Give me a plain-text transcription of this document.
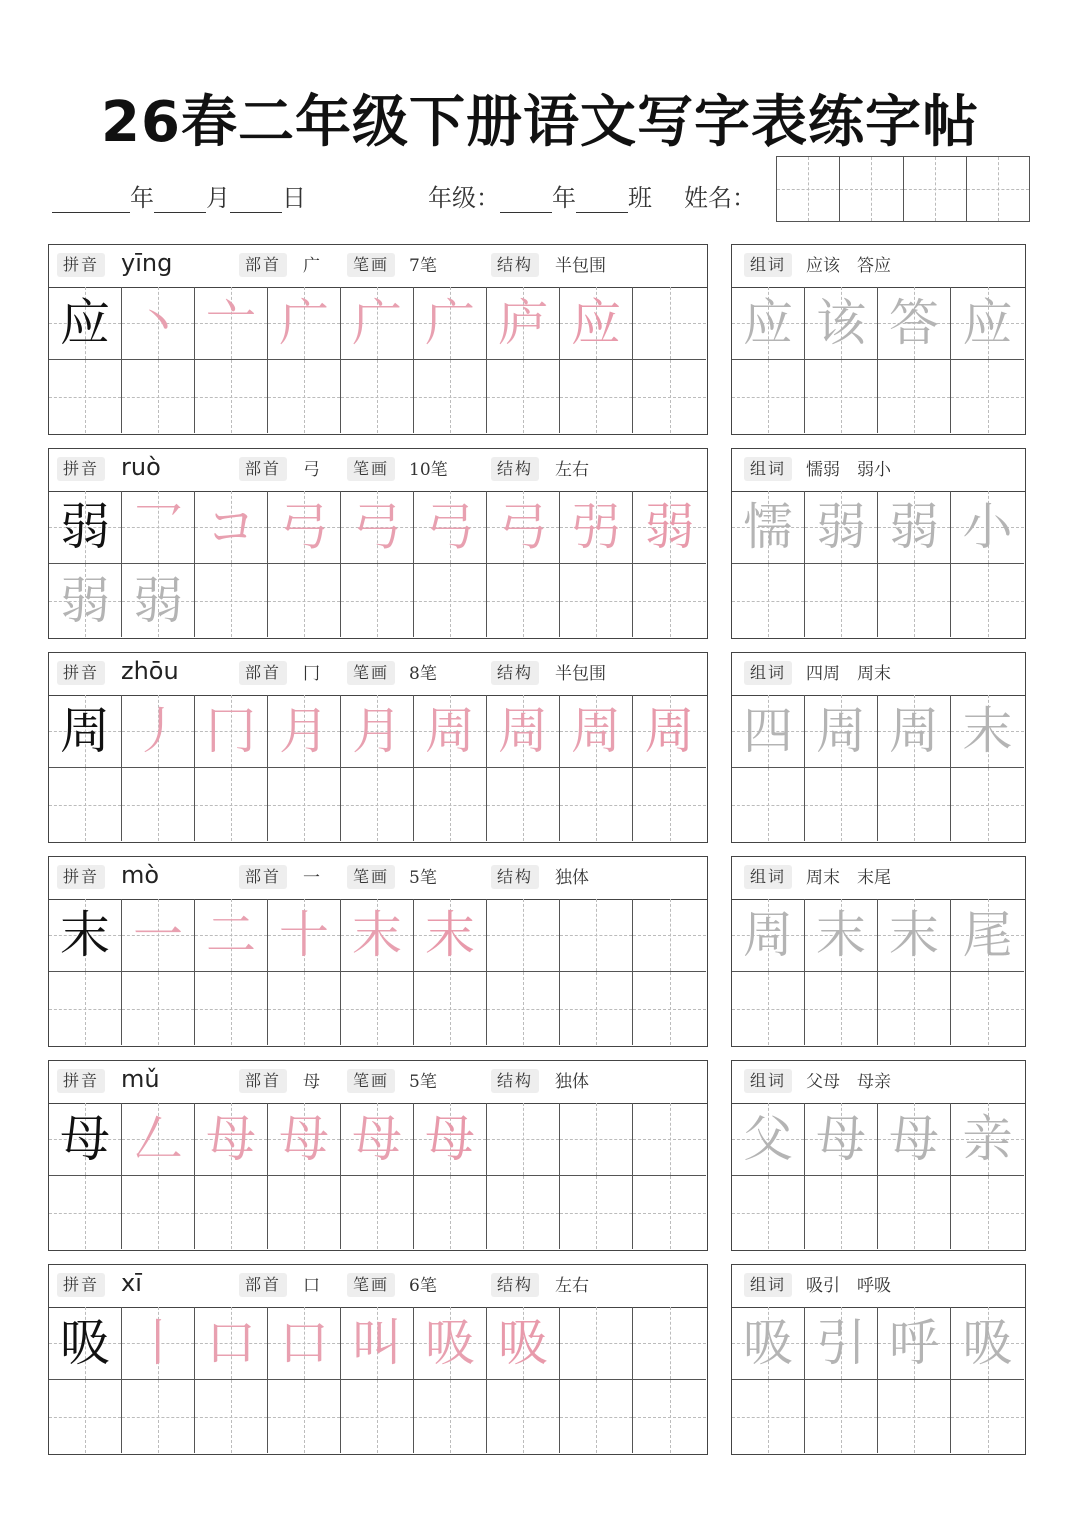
26春二年级下册语文写字表练字帖
年 月 日	年级： 年 班 姓名：
拼音 yīng	部首	广	笔画	7笔	结构	半包围
应 丶 亠 广 广 广 庐 应
组词	应该　答应
应 该 答 应
拼音 ruò	部首	弓	笔画	10笔	结构	左右
弱 乛 コ 弓 弓 弓 弓 弜 弱
弱 弱
组词	懦弱　弱小
懦 弱 弱 小
拼音 zhōu	部首	冂	笔画	8笔	结构	半包围
周 丿 冂 月 月 周 周 周 周
组词	四周　周末
四 周 周 末
拼音 mò	部首	一	笔画	5笔	结构	独体
末 一 二 十 末 末
组词	周末　末尾
周 末 末 尾
拼音 mǔ	部首	母	笔画	5笔	结构	独体
母 𠃋 母 母 母 母
组词	父母　母亲
父 母 母 亲
拼音 xī	部首	口	笔画	6笔	结构	左右
吸 丨 口 口 叫 吸 吸
组词	吸引　呼吸
吸 引 呼 吸
